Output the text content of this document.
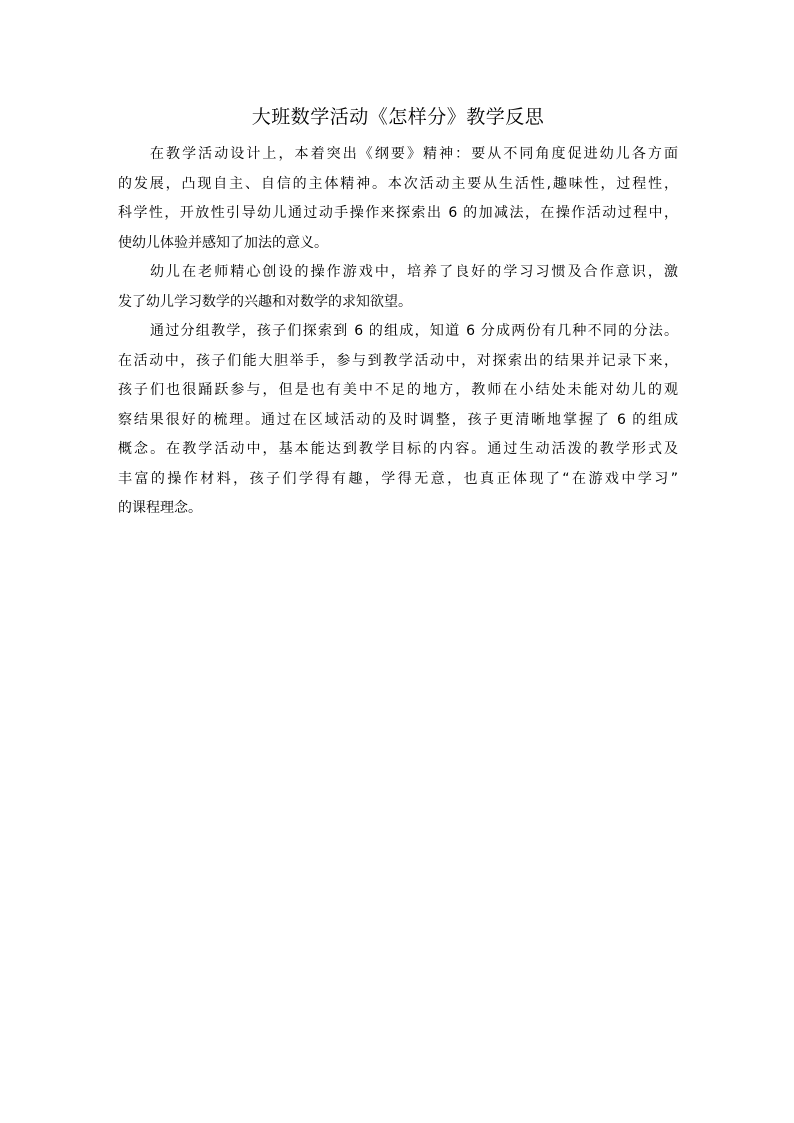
大班数学活动《怎样分》教学反思

在教学活动设计上，本着突出《纲要》精神：要从不同角度促进幼儿各方面
的发展，凸现自主、自信的主体精神。本次活动主要从生活性,趣味性，过程性，
科学性，开放性引导幼儿通过动手操作来探索出 6 的加减法，在操作活动过程中，
使幼儿体验并感知了加法的意义。

幼儿在老师精心创设的操作游戏中，培养了良好的学习习惯及合作意识，激
发了幼儿学习数学的兴趣和对数学的求知欲望。

通过分组教学，孩子们探索到 6 的组成，知道 6 分成两份有几种不同的分法。
在活动中，孩子们能大胆举手，参与到教学活动中，对探索出的结果并记录下来，
孩子们也很踊跃参与，但是也有美中不足的地方，教师在小结处未能对幼儿的观
察结果很好的梳理。通过在区域活动的及时调整，孩子更清晰地掌握了 6 的组成
概念。在教学活动中，基本能达到教学目标的内容。通过生动活泼的教学形式及
丰富的操作材料，孩子们学得有趣，学得无意，也真正体现了“在游戏中学习”
的课程理念。
